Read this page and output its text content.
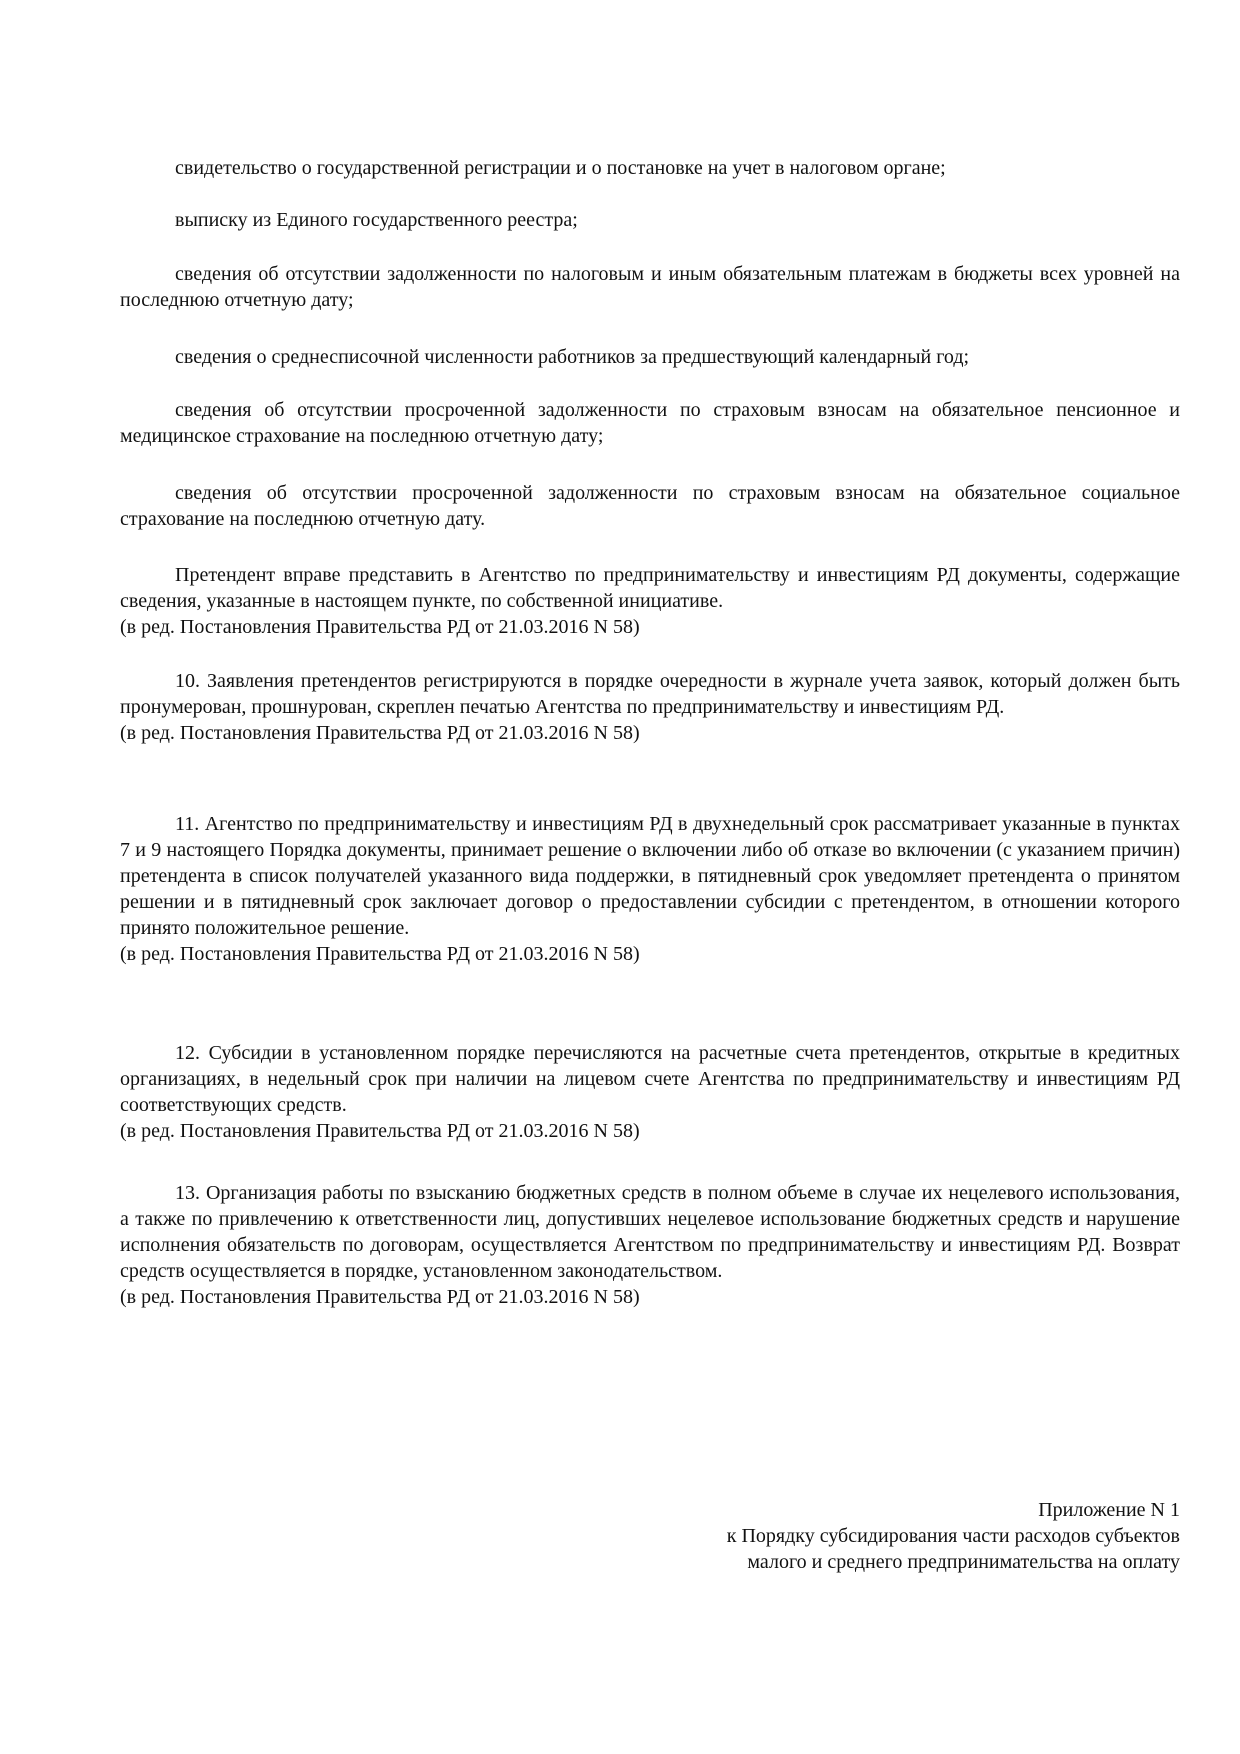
свидетельство о государственной регистрации и о постановке на учет в налоговом органе;

выписку из Единого государственного реестра;

сведения об отсутствии задолженности по налоговым и иным обязательным платежам в бюджеты всех уровней на последнюю отчетную дату;

сведения о среднесписочной численности работников за предшествующий календарный год;

сведения об отсутствии просроченной задолженности по страховым взносам на обязательное пенсионное и медицинское страхование на последнюю отчетную дату;

сведения об отсутствии просроченной задолженности по страховым взносам на обязательное социальное страхование на последнюю отчетную дату.

Претендент вправе представить в Агентство по предпринимательству и инвестициям РД документы, содержащие сведения, указанные в настоящем пункте, по собственной инициативе.

(в ред. Постановления Правительства РД от 21.03.2016 N 58)

10. Заявления претендентов регистрируются в порядке очередности в журнале учета заявок, который должен быть пронумерован, прошнурован, скреплен печатью Агентства по предпринимательству и инвестициям РД.

(в ред. Постановления Правительства РД от 21.03.2016 N 58)

11. Агентство по предпринимательству и инвестициям РД в двухнедельный срок рассматривает указанные в пунктах 7 и 9 настоящего Порядка документы, принимает решение о включении либо об отказе во включении (с указанием причин) претендента в список получателей указанного вида поддержки, в пятидневный срок уведомляет претендента о принятом решении и в пятидневный срок заключает договор о предоставлении субсидии с претендентом, в отношении которого принято положительное решение.

(в ред. Постановления Правительства РД от 21.03.2016 N 58)

12. Субсидии в установленном порядке перечисляются на расчетные счета претендентов, открытые в кредитных организациях, в недельный срок при наличии на лицевом счете Агентства по предпринимательству и инвестициям РД соответствующих средств.

(в ред. Постановления Правительства РД от 21.03.2016 N 58)

13. Организация работы по взысканию бюджетных средств в полном объеме в случае их нецелевого использования, а также по привлечению к ответственности лиц, допустивших нецелевое использование бюджетных средств и нарушение исполнения обязательств по договорам, осуществляется Агентством по предпринимательству и инвестициям РД. Возврат средств осуществляется в порядке, установленном законодательством.

(в ред. Постановления Правительства РД от 21.03.2016 N 58)

Приложение N 1
к Порядку субсидирования части расходов субъектов
малого и среднего предпринимательства на оплату
